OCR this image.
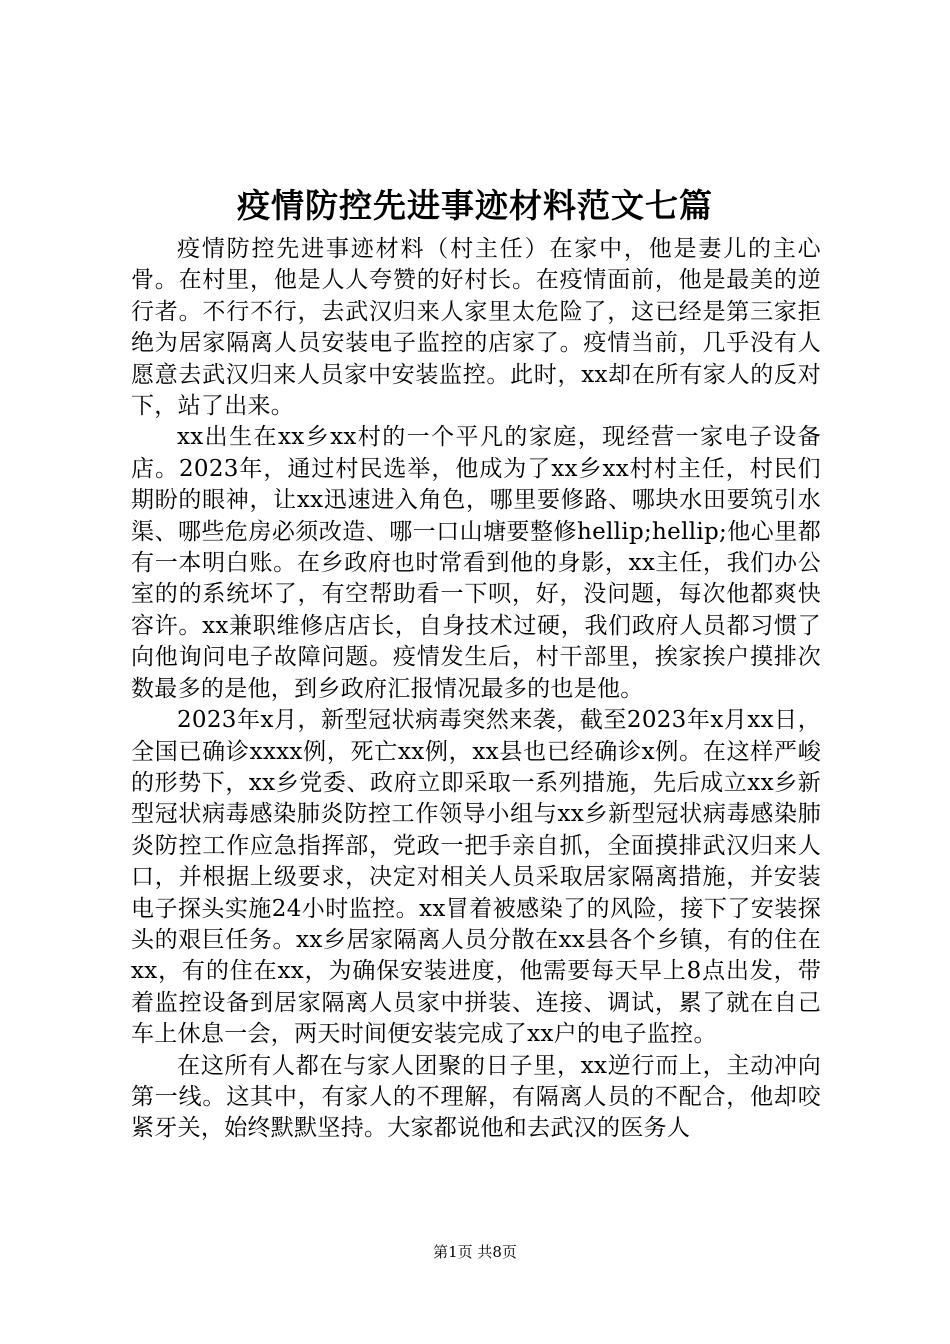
疫情防控先进事迹材料范文七篇

疫情防控先进事迹材料（村主任）在家中，他是妻儿的主心骨。在村里，他是人人夸赞的好村长。在疫情面前，他是最美的逆行者。不行不行，去武汉归来人家里太危险了，这已经是第三家拒绝为居家隔离人员安装电子监控的店家了。疫情当前，几乎没有人愿意去武汉归来人员家中安装监控。此时，xx却在所有家人的反对下，站了出来。

xx出生在xx乡xx村的一个平凡的家庭，现经营一家电子设备店。2023年，通过村民选举，他成为了xx乡xx村村主任，村民们期盼的眼神，让xx迅速进入角色，哪里要修路、哪块水田要筑引水渠、哪些危房必须改造、哪一口山塘要整修hellip;hellip;他心里都有一本明白账。在乡政府也时常看到他的身影，xx主任，我们办公室的的系统坏了，有空帮助看一下呗，好，没问题，每次他都爽快容许。xx兼职维修店店长，自身技术过硬，我们政府人员都习惯了向他询问电子故障问题。疫情发生后，村干部里，挨家挨户摸排次数最多的是他，到乡政府汇报情况最多的也是他。

2023年x月，新型冠状病毒突然来袭，截至2023年x月xx日，全国已确诊xxxx例，死亡xx例，xx县也已经确诊x例。在这样严峻的形势下，xx乡党委、政府立即采取一系列措施，先后成立xx乡新型冠状病毒感染肺炎防控工作领导小组与xx乡新型冠状病毒感染肺炎防控工作应急指挥部，党政一把手亲自抓，全面摸排武汉归来人口，并根据上级要求，决定对相关人员采取居家隔离措施，并安装电子探头实施24小时监控。xx冒着被感染了的风险，接下了安装探头的艰巨任务。xx乡居家隔离人员分散在xx县各个乡镇，有的住在xx，有的住在xx，为确保安装进度，他需要每天早上8点出发，带着监控设备到居家隔离人员家中拼装、连接、调试，累了就在自己车上休息一会，两天时间便安装完成了xx户的电子监控。

在这所有人都在与家人团聚的日子里，xx逆行而上，主动冲向第一线。这其中，有家人的不理解，有隔离人员的不配合，他却咬紧牙关，始终默默坚持。大家都说他和去武汉的医务人

第1页 共8页
